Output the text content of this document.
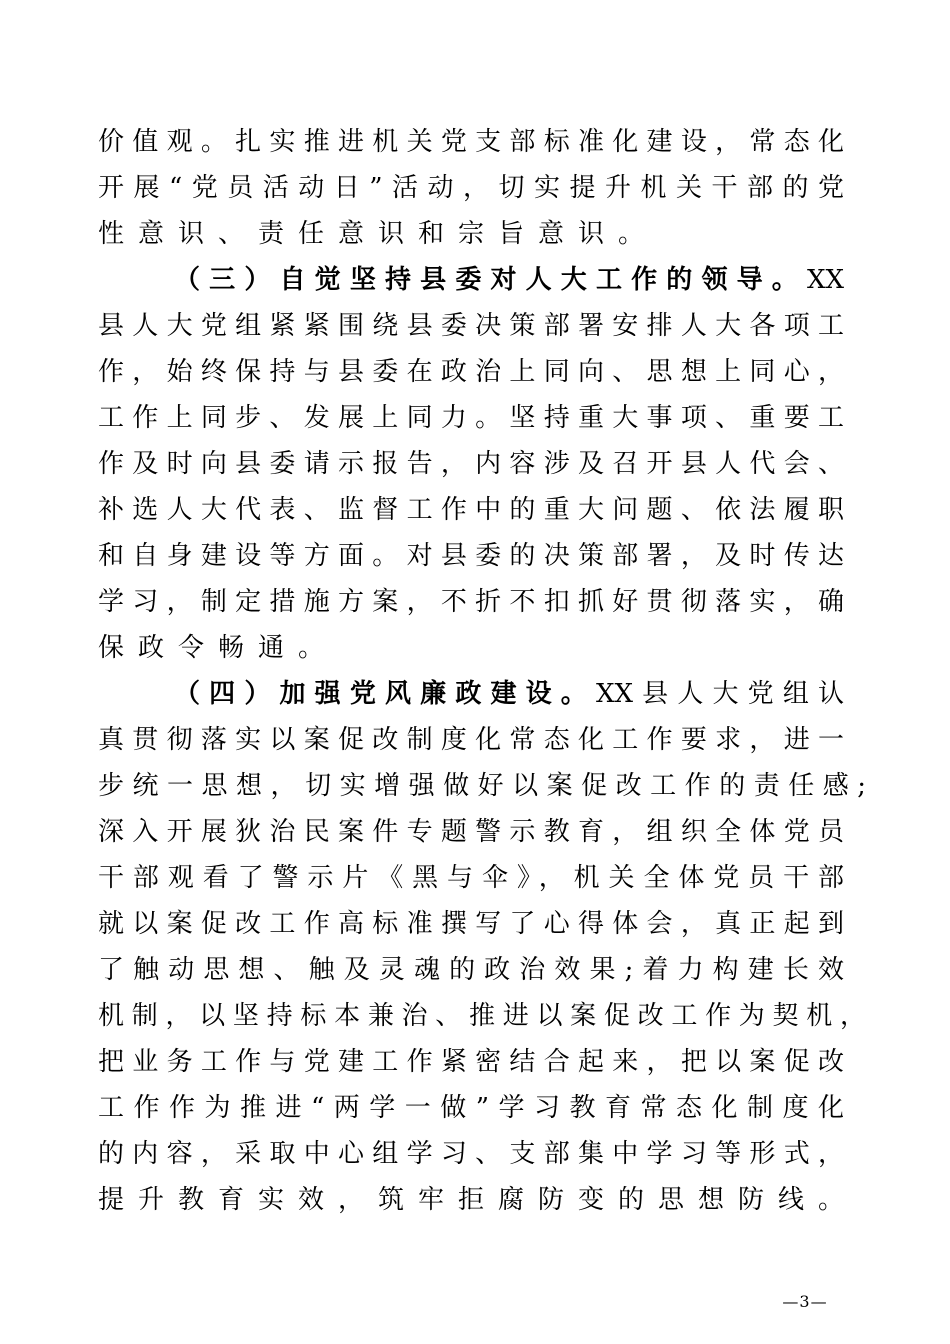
价值观。扎实推进机关党支部标准化建设，常态化
开展“党员活动日”活动，切实提升机关干部的党
性意识、责任意识和宗旨意识。
（三）自觉坚持县委对人大工作的领导。XX
县人大党组紧紧围绕县委决策部署安排人大各项工
作，始终保持与县委在政治上同向、思想上同心，
工作上同步、发展上同力。坚持重大事项、重要工
作及时向县委请示报告，内容涉及召开县人代会、
补选人大代表、监督工作中的重大问题、依法履职
和自身建设等方面。对县委的决策部署，及时传达
学习，制定措施方案，不折不扣抓好贯彻落实，确
保政令畅通。
（四）加强党风廉政建设。XX县人大党组认
真贯彻落实以案促改制度化常态化工作要求，进一
步统一思想，切实增强做好以案促改工作的责任感;
深入开展狄治民案件专题警示教育，组织全体党员
干部观看了警示片《黑与伞》，机关全体党员干部
就以案促改工作高标准撰写了心得体会，真正起到
了触动思想、触及灵魂的政治效果;着力构建长效
机制，以坚持标本兼治、推进以案促改工作为契机，
把业务工作与党建工作紧密结合起来，把以案促改
工作作为推进“两学一做”学习教育常态化制度化
的内容，采取中心组学习、支部集中学习等形式，
提升教育实效，筑牢拒腐防变的思想防线。
—3—
